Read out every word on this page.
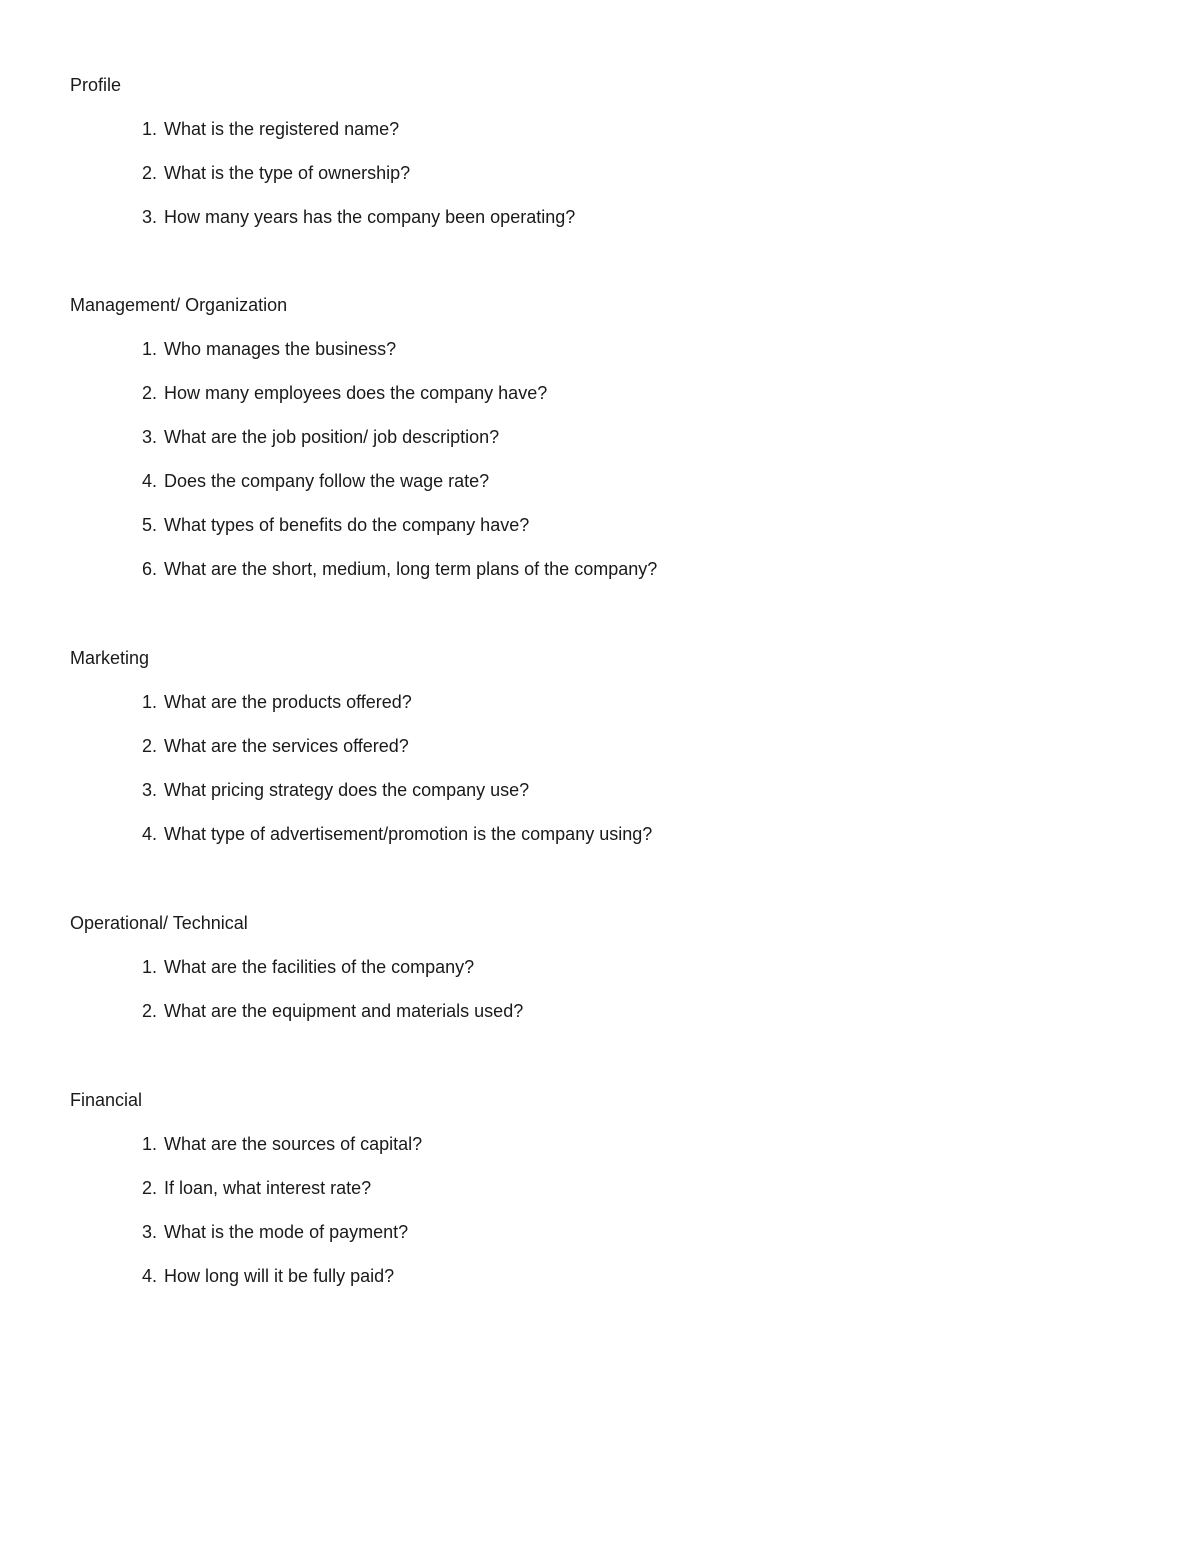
Profile
1. What is the registered name?
2. What is the type of ownership?
3. How many years has the company been operating?
Management/ Organization
1. Who manages the business?
2. How many employees does the company have?
3. What are the job position/ job description?
4. Does the company follow the wage rate?
5. What types of benefits do the company have?
6. What are the short, medium, long term plans of the company?
Marketing
1. What are the products offered?
2. What are the services offered?
3. What pricing strategy does the company use?
4. What type of advertisement/promotion is the company using?
Operational/ Technical
1. What are the facilities of the company?
2. What are the equipment and materials used?
Financial
1. What are the sources of capital?
2. If loan, what interest rate?
3. What is the mode of payment?
4. How long will it be fully paid?
